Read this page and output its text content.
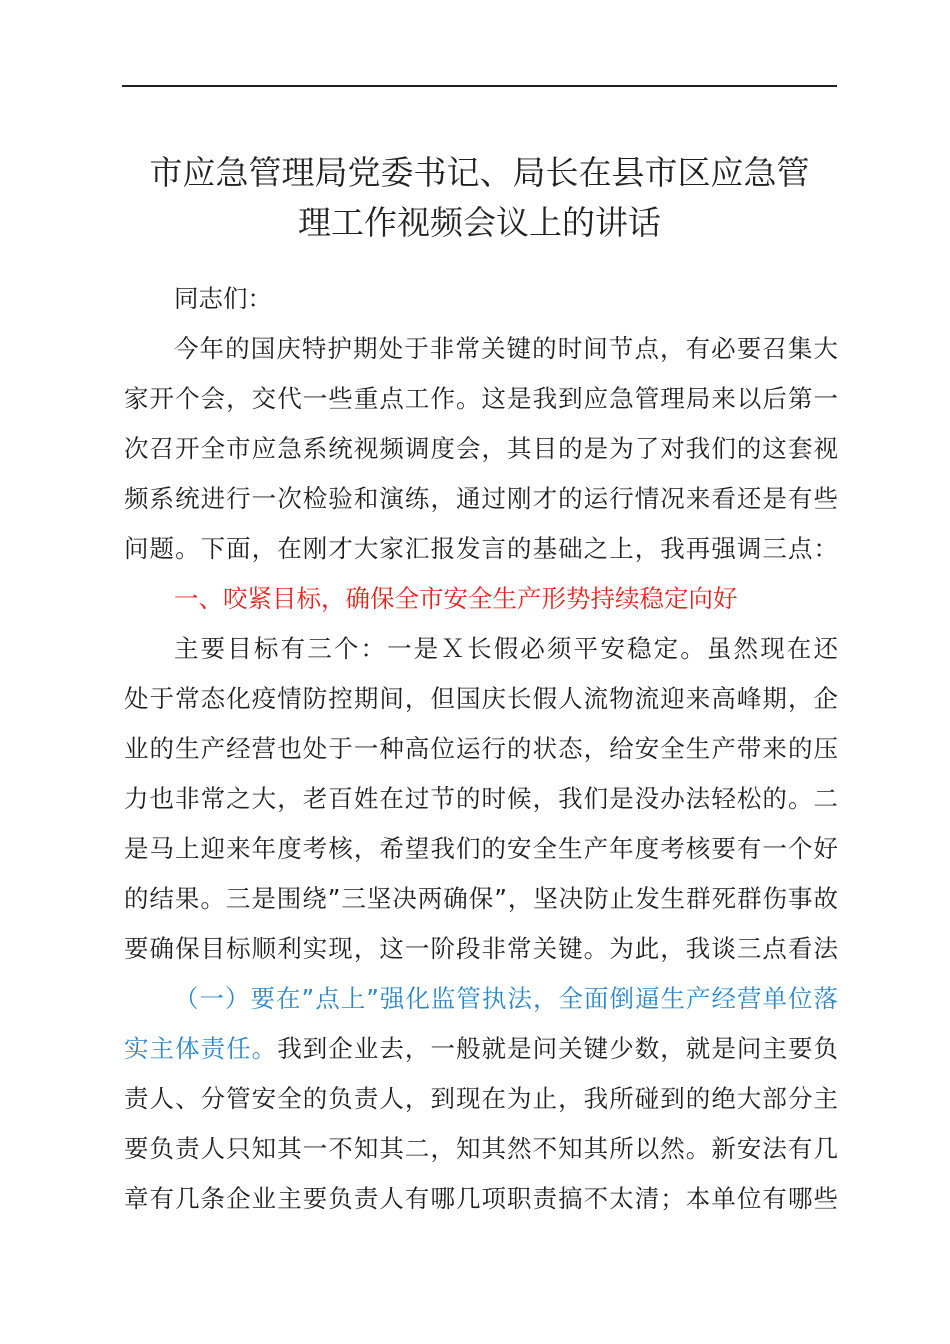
市应急管理局党委书记、局长在县市区应急管
理工作视频会议上的讲话
同志们：
今年的国庆特护期处于非常关键的时间节点，有必要召集大
家开个会，交代一些重点工作。这是我到应急管理局来以后第一
次召开全市应急系统视频调度会，其目的是为了对我们的这套视
频系统进行一次检验和演练，通过刚才的运行情况来看还是有些
问题。下面，在刚才大家汇报发言的基础之上，我再强调三点：
一、咬紧目标，确保全市安全生产形势持续稳定向好
主要目标有三个：一是Ｘ长假必须平安稳定。虽然现在还
处于常态化疫情防控期间，但国庆长假人流物流迎来高峰期，企
业的生产经营也处于一种高位运行的状态，给安全生产带来的压
力也非常之大，老百姓在过节的时候，我们是没办法轻松的。二
是马上迎来年度考核，希望我们的安全生产年度考核要有一个好
的结果。三是围绕”三坚决两确保”，坚决防止发生群死群伤事故
要确保目标顺利实现，这一阶段非常关键。为此，我谈三点看法
（一）要在”点上”强化监管执法，全面倒逼生产经营单位落
实主体责任。我到企业去，一般就是问关键少数，就是问主要负
责人、分管安全的负责人，到现在为止，我所碰到的绝大部分主
要负责人只知其一不知其二，知其然不知其所以然。新安法有几
章有几条企业主要负责人有哪几项职责搞不太清；本单位有哪些
